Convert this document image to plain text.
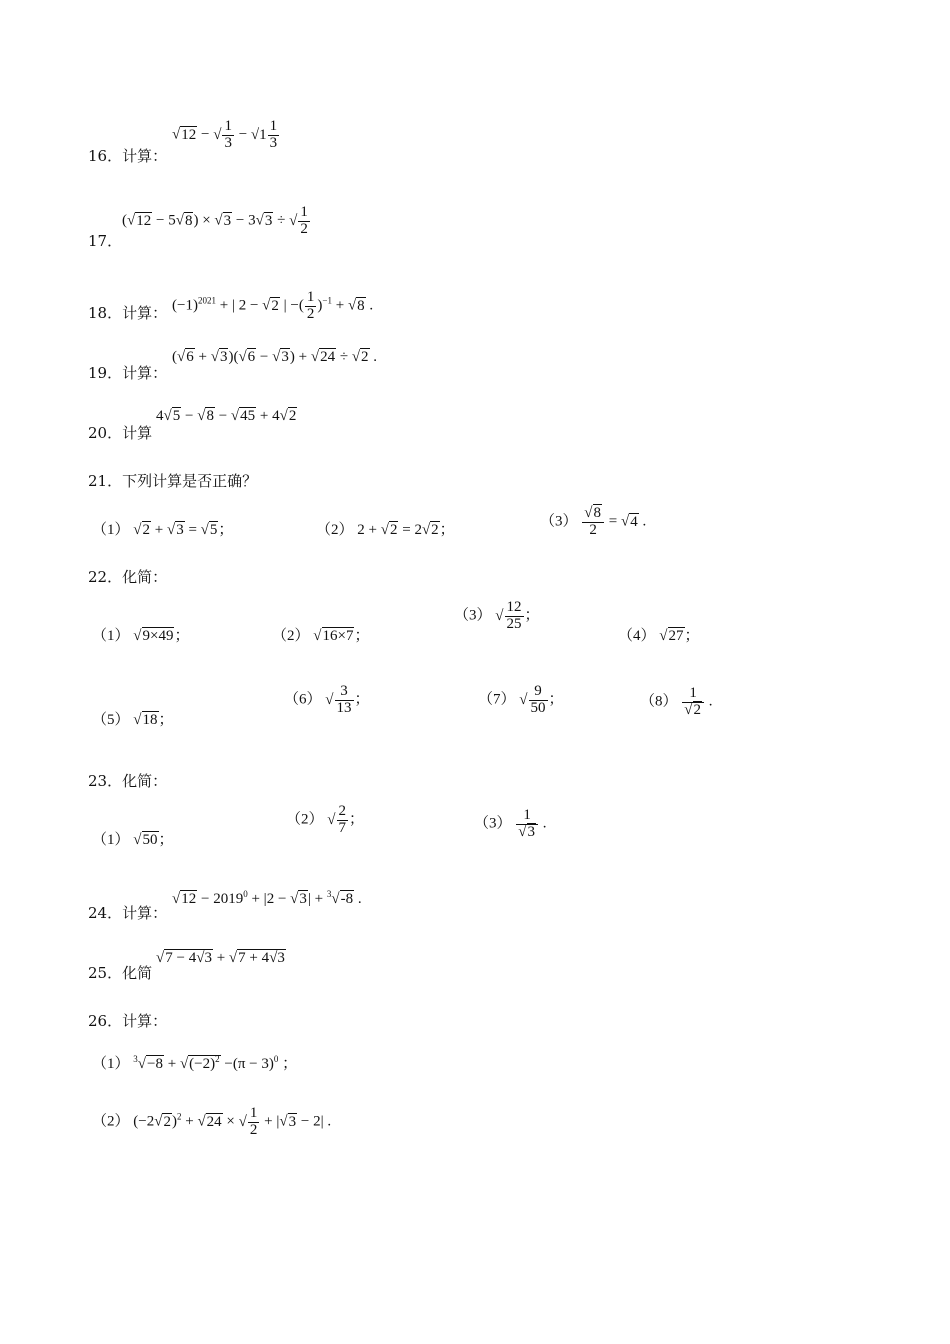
16．计算：
√12 − √ $\frac{1}{3} - √1 \frac{1}{3}$
17．
(√12 − 5√8) × √3 − 3√3 ÷ √ $\frac{1}{2}$
18．计算： $(-1)^{2021}$ + | 2 − √2 | −( $\frac{1}{2} )^{-1} + √8$ .
19．计算：
(√6 + √3)(√6 − √3) + √24 ÷ √2 .
20．计算
4√5 − √8 − √45 + 4√2
21．下列计算是否正确？
（1） √2 + √3 = √5；	（2） 2 + √2 = 2√2；
$(3) \frac{√8}{2} = √4$ .
22．化简：
（1） √9×49；	（2） √16×7；
（3） √ $\frac{12}{25}$ ；
（4） √27；
（5） √18；
（6） √ $\frac{3}{13}$ ；	（7） √ $\frac{9}{50}$ ；	$(8) \frac{1}{√2}$ .
23．化简：
（1） √50；
（2） √ $\frac{2}{7}$ ；	$(3) \frac{1}{√3}$ .
24．计算：
$√12 - 2019^0 + |2 - √3| + ^3√-8$ .
25．化简
√7 − 4√3 + √7 + 4√3
26．计算：
（1） $^3√-8 + √(-2)^2 -(\pi - 3)^0$ ；
（2） $(-2√2)^2 + √24$ × √ $\frac{1}{2} + |√3 - 2|$ .
